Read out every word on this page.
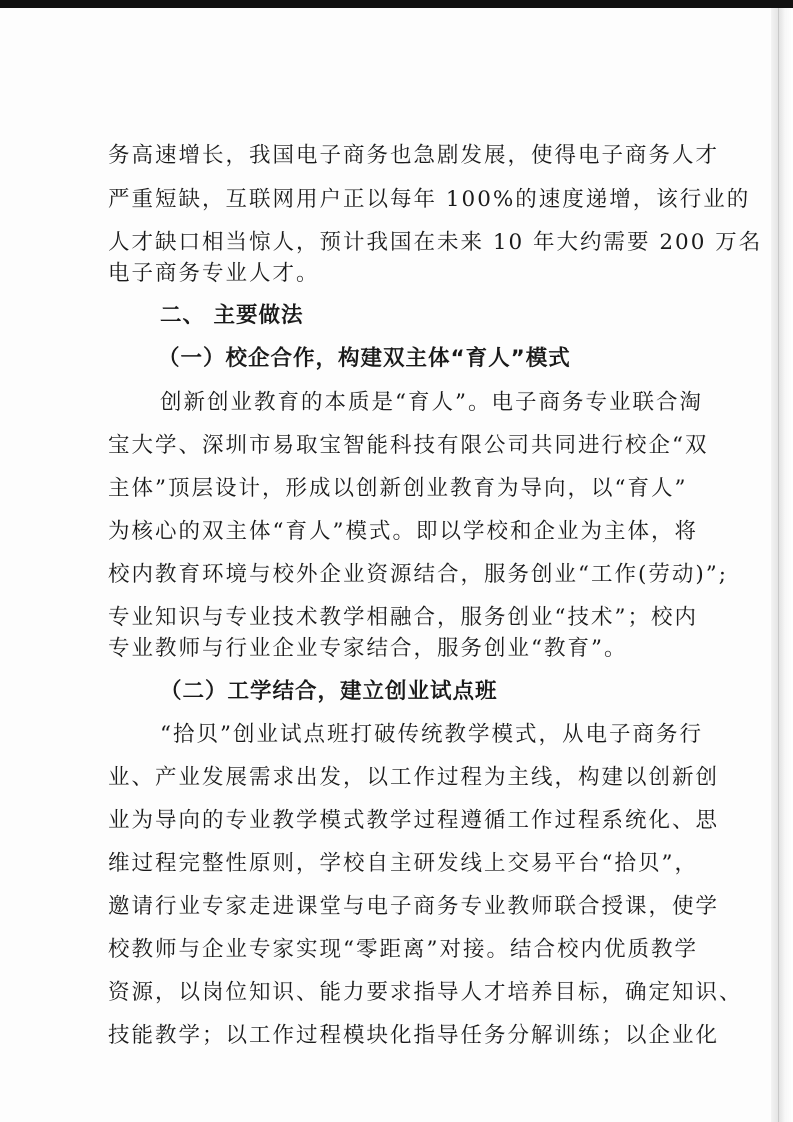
务高速增长，我国电子商务也急剧发展，使得电子商务人才
严重短缺，互联网用户正以每年 100%的速度递增，该行业的
人才缺口相当惊人，预计我国在未来 10 年大约需要 200 万名
电子商务专业人才。
二、 主要做法
（一）校企合作，构建双主体“育人”模式
创新创业教育的本质是“育人”。电子商务专业联合淘
宝大学、深圳市易取宝智能科技有限公司共同进行校企“双
主体”顶层设计，形成以创新创业教育为导向，以“育人”
为核心的双主体“育人”模式。即以学校和企业为主体，将
校内教育环境与校外企业资源结合，服务创业“工作(劳动)”;
专业知识与专业技术教学相融合，服务创业“技术”；校内
专业教师与行业企业专家结合，服务创业“教育”。
（二）工学结合，建立创业试点班
“拾贝”创业试点班打破传统教学模式，从电子商务行
业、产业发展需求出发，以工作过程为主线，构建以创新创
业为导向的专业教学模式教学过程遵循工作过程系统化、思
维过程完整性原则，学校自主研发线上交易平台“拾贝”，
邀请行业专家走进课堂与电子商务专业教师联合授课，使学
校教师与企业专家实现“零距离”对接。结合校内优质教学
资源，以岗位知识、能力要求指导人才培养目标，确定知识、
技能教学；以工作过程模块化指导任务分解训练；以企业化
